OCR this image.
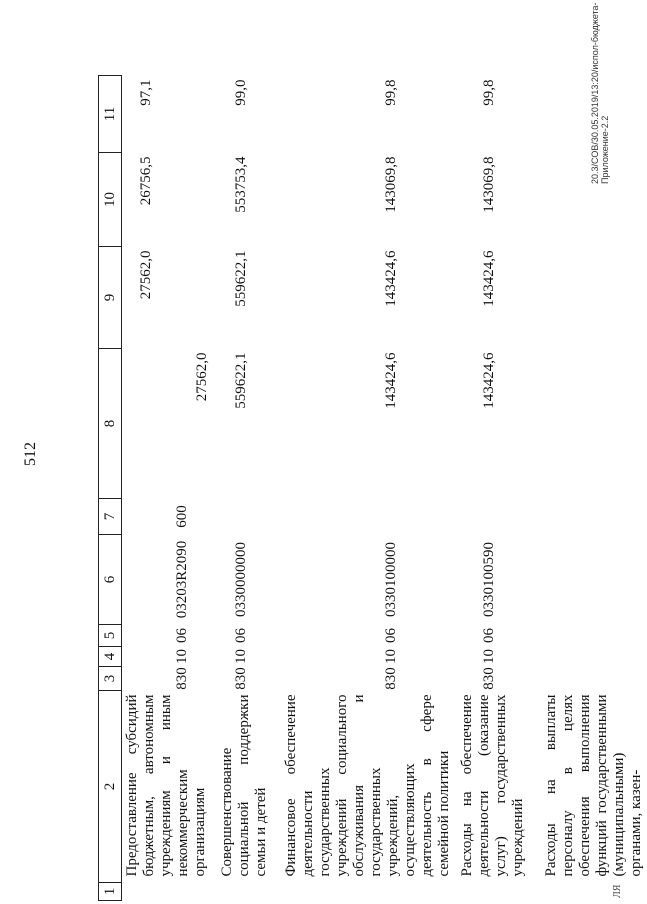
512
1	2	3	4	5	6	7	8	9	10	11

	Предоставление субсидий бюджетным, автономным учреждениям и иным некоммерческим организациям	830	10	06	03203R2090	600	27562,0	27562,0	26756,5	97,1

	Совершенствование социальной поддержки семьи и детей	830	10	06	0330000000		559622,1	559622,1	553753,4	99,0

	Финансовое обеспечение деятельности государственных учреждений социального обслуживания и государственных учреждений, осуществляющих деятельность в сфере семейной политики	830	10	06	0330100000		143424,6	143424,6	143069,8	99,8

	Расходы на обеспечение деятельности (оказание услуг) государственных учреждений	830	10	06	0330100590		143424,6	143424,6	143069,8	99,8

	Расходы на выплаты персоналу в целях обеспечения выполнения функций государственными (муниципальными) органами, казен-									

20.3/СОВ/30.05.2019/13:20/испол-бюджета-Приложение-2.2
ЛЯ
